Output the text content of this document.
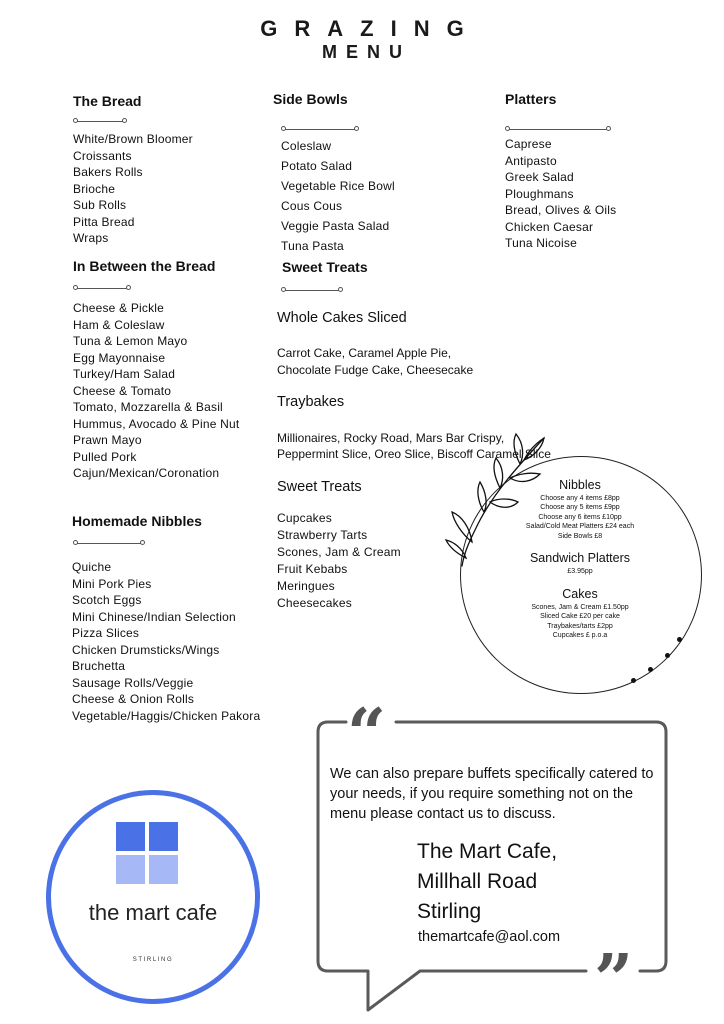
GRAZING
MENU
The Bread
White/Brown Bloomer
Croissants
Bakers Rolls
Brioche
Sub Rolls
Pitta Bread
Wraps
In Between the Bread
Cheese & Pickle
Ham & Coleslaw
Tuna & Lemon Mayo
Egg Mayonnaise
Turkey/Ham Salad
Cheese & Tomato
Tomato, Mozzarella & Basil
Hummus, Avocado & Pine Nut
Prawn Mayo
Pulled Pork
Cajun/Mexican/Coronation
Homemade Nibbles
Quiche
Mini Pork Pies
Scotch Eggs
Mini Chinese/Indian Selection
Pizza Slices
Chicken Drumsticks/Wings
Bruchetta
Sausage Rolls/Veggie
Cheese & Onion Rolls
Vegetable/Haggis/Chicken Pakora
Side Bowls
Coleslaw
Potato Salad
Vegetable Rice Bowl
Cous Cous
Veggie Pasta Salad
Tuna Pasta
Platters
Caprese
Antipasto
Greek Salad
Ploughmans
Bread, Olives & Oils
Chicken Caesar
Tuna Nicoise
Sweet Treats
Whole Cakes Sliced
Carrot Cake, Caramel Apple Pie,
Chocolate Fudge Cake, Cheesecake
Traybakes
Millionaires, Rocky Road, Mars Bar Crispy,
Peppermint Slice, Oreo Slice, Biscoff Caramel Slice
Sweet Treats
Cupcakes
Strawberry Tarts
Scones, Jam & Cream
Fruit Kebabs
Meringues
Cheesecakes
Nibbles
Choose any 4 items £8pp
Choose any 5 items £9pp
Choose any 6 items £10pp
Salad/Cold Meat Platters £24 each
Side Bowls £8
Sandwich Platters
£3.95pp
Cakes
Scones, Jam & Cream £1.50pp
Sliced Cake £20 per cake
Traybakes/tarts £2pp
Cupcakes £ p.o.a
“
”
We can also prepare buffets specifically catered to your needs, if you require something not on the menu please contact us to discuss.
The Mart Cafe,
Millhall Road
Stirling
themartcafe@aol.com
the mart cafe
STIRLING
